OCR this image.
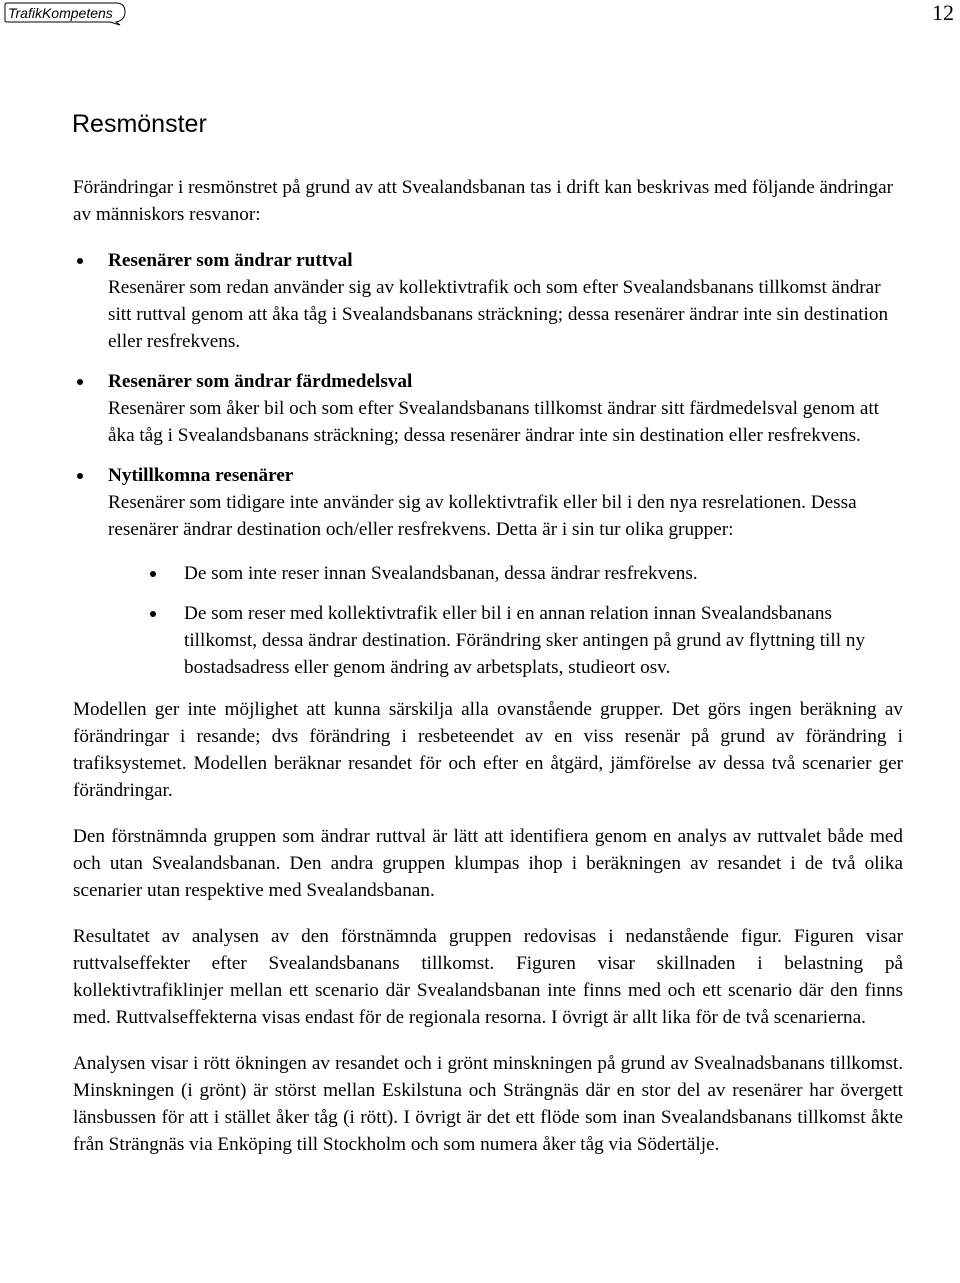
TrafikKompetens	12
Resmönster

Förändringar i resmönstret på grund av att Svealandsbanan tas i drift kan beskrivas med följande ändringar av människors resvanor:

Resenärer som ändrar ruttval
Resenärer som redan använder sig av kollektivtrafik och som efter Svealandsbanans tillkomst ändrar sitt ruttval genom att åka tåg i Svealandsbanans sträckning; dessa resenärer ändrar inte sin destination eller resfrekvens.
Resenärer som ändrar färdmedelsval
Resenärer som åker bil och som efter Svealandsbanans tillkomst ändrar sitt färdmedelsval genom att åka tåg i Svealandsbanans sträckning; dessa resenärer ändrar inte sin destination eller resfrekvens.
Nytillkomna resenärer
Resenärer som tidigare inte använder sig av kollektivtrafik eller bil i den nya resrelationen. Dessa resenärer ändrar destination och/eller resfrekvens. Detta är i sin tur olika grupper:
De som inte reser innan Svealandsbanan, dessa ändrar resfrekvens.
De som reser med kollektivtrafik eller bil i en annan relation innan Svealandsbanans tillkomst, dessa ändrar destination. Förändring sker antingen på grund av flyttning till ny bostadsadress eller genom ändring av arbetsplats, studieort osv.

Modellen ger inte möjlighet att kunna särskilja alla ovanstående grupper. Det görs ingen beräkning av förändringar i resande; dvs förändring i resbeteendet av en viss resenär på grund av förändring i trafiksystemet. Modellen beräknar resandet för och efter en åtgärd, jämförelse av dessa två scenarier ger förändringar.

Den förstnämnda gruppen som ändrar ruttval är lätt att identifiera genom en analys av ruttvalet både med och utan Svealandsbanan. Den andra gruppen klumpas ihop i beräkningen av resandet i de två olika scenarier utan respektive med Svealandsbanan.

Resultatet av analysen av den förstnämnda gruppen redovisas i nedanstående figur. Figuren visar ruttvalseffekter efter Svealandsbanans tillkomst. Figuren visar skillnaden i belastning på kollektivtrafiklinjer mellan ett scenario där Svealandsbanan inte finns med och ett scenario där den finns med. Ruttvalseffekterna visas endast för de regionala resorna. I övrigt är allt lika för de två scenarierna.

Analysen visar i rött ökningen av resandet och i grönt minskningen på grund av Svealnadsbanans tillkomst. Minskningen (i grönt) är störst mellan Eskilstuna och Strängnäs där en stor del av resenärer har övergett länsbussen för att i stället åker tåg (i rött). I övrigt är det ett flöde som inan Svealandsbanans tillkomst åkte från Strängnäs via Enköping till Stockholm och som numera åker tåg via Södertälje.
